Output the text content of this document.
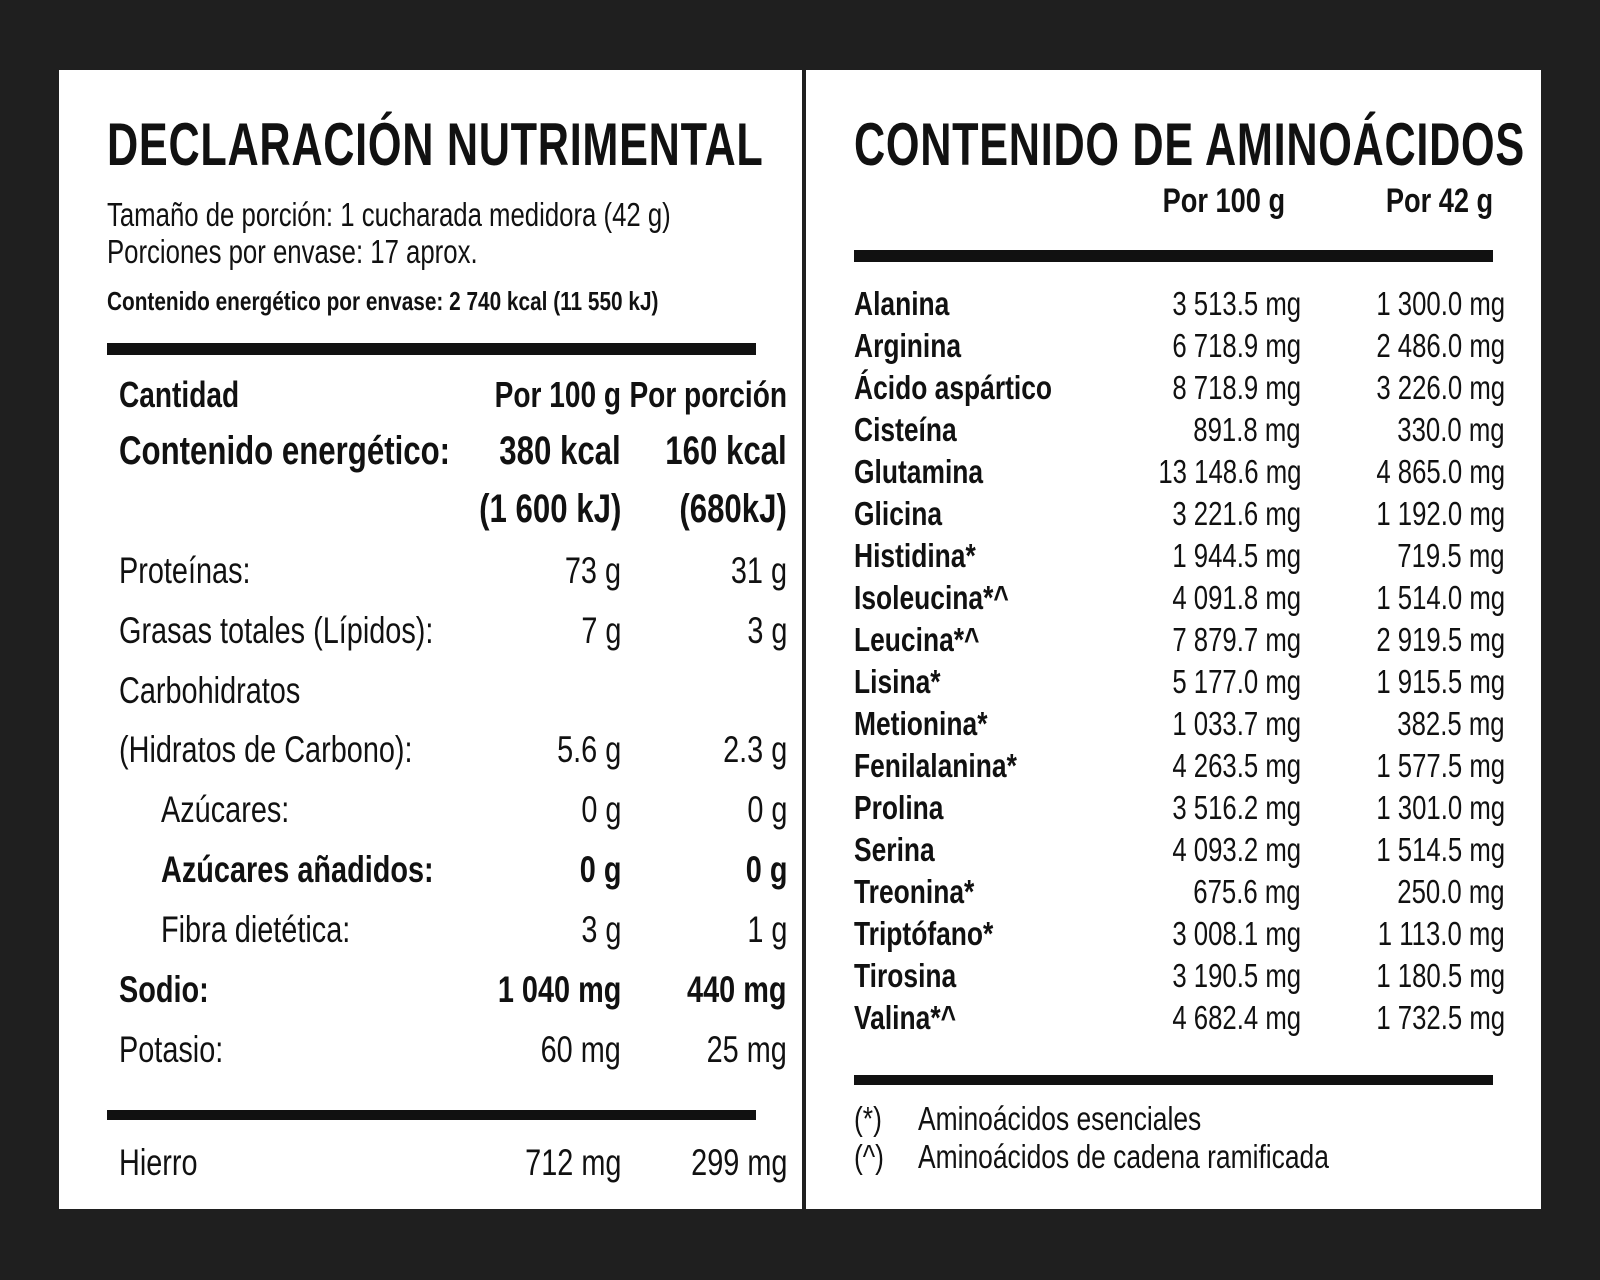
DECLARACIÓN NUTRIMENTAL
Tamaño de porción: 1 cucharada medidora (42 g)
Porciones por envase: 17 aprox.
Contenido energético por envase: 2 740 kcal (11 550 kJ)
Cantidad	Por 100 g Por porción
Contenido energético: 380 kcal 160 kcal
(1 600 kJ) (680kJ)
Proteínas:	73 g	31 g
Grasas totales (Lípidos):	7 g	3 g
Carbohidratos
(Hidratos de Carbono):	5.6 g	2.3 g
Azúcares:	0 g	0 g
Azúcares añadidos:	0 g	0 g
Fibra dietética:	3 g	1 g
Sodio:	1 040 mg 440 mg
Potasio:	60 mg 25 mg
Hierro	712 mg 299 mg
CONTENIDO DE AMINOÁCIDOS
Por 100 g	Por 42 g
Alanina	3 513.5 mg 1 300.0 mg
Arginina	6 718.9 mg 2 486.0 mg
Ácido aspártico	8 718.9 mg 3 226.0 mg
Cisteína	891.8 mg	330.0 mg
Glutamina	13 148.6 mg 4 865.0 mg
Glicina	3 221.6 mg 1 192.0 mg
Histidina*	1 944.5 mg	719.5 mg
Isoleucina*^	4 091.8 mg 1 514.0 mg
Leucina*^	7 879.7 mg 2 919.5 mg
Lisina*	5 177.0 mg 1 915.5 mg
Metionina*	1 033.7 mg	382.5 mg
Fenilalanina*	4 263.5 mg 1 577.5 mg
Prolina	3 516.2 mg 1 301.0 mg
Serina	4 093.2 mg 1 514.5 mg
Treonina*	675.6 mg	250.0 mg
Triptófano*	3 008.1 mg 1 113.0 mg
Tirosina	3 190.5 mg 1 180.5 mg
Valina*^	4 682.4 mg 1 732.5 mg
(*) Aminoácidos esenciales
(^) Aminoácidos de cadena ramificada
